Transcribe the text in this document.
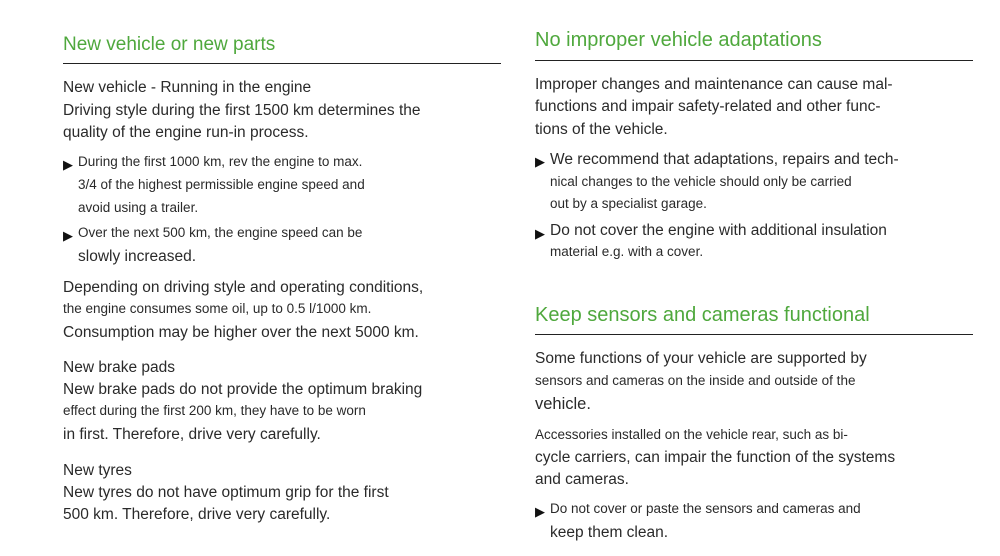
New vehicle or new parts
New vehicle - Running in the engine
Driving style during the first 1500 km determines the
quality of the engine run-in process.
▶ During the first 1000 km, rev the engine to max.
3/4 of the highest permissible engine speed and
avoid using a trailer.
▶ Over the next 500 km, the engine speed can be
slowly increased.
Depending on driving style and operating conditions,
the engine consumes some oil, up to 0.5 l/1000 km.
Consumption may be higher over the next 5000 km.
New brake pads
New brake pads do not provide the optimum braking
effect during the first 200 km, they have to be worn
in first. Therefore, drive very carefully.
New tyres
New tyres do not have optimum grip for the first
500 km. Therefore, drive very carefully.
No improper vehicle adaptations
Improper changes and maintenance can cause mal-
functions and impair safety-related and other func-
tions of the vehicle.
▶ We recommend that adaptations, repairs and tech-
nical changes to the vehicle should only be carried
out by a specialist garage.
▶ Do not cover the engine with additional insulation
material e.g. with a cover.
Keep sensors and cameras functional
Some functions of your vehicle are supported by
sensors and cameras on the inside and outside of the
vehicle.
Accessories installed on the vehicle rear, such as bi-
cycle carriers, can impair the function of the systems
and cameras.
▶ Do not cover or paste the sensors and cameras and
keep them clean.
